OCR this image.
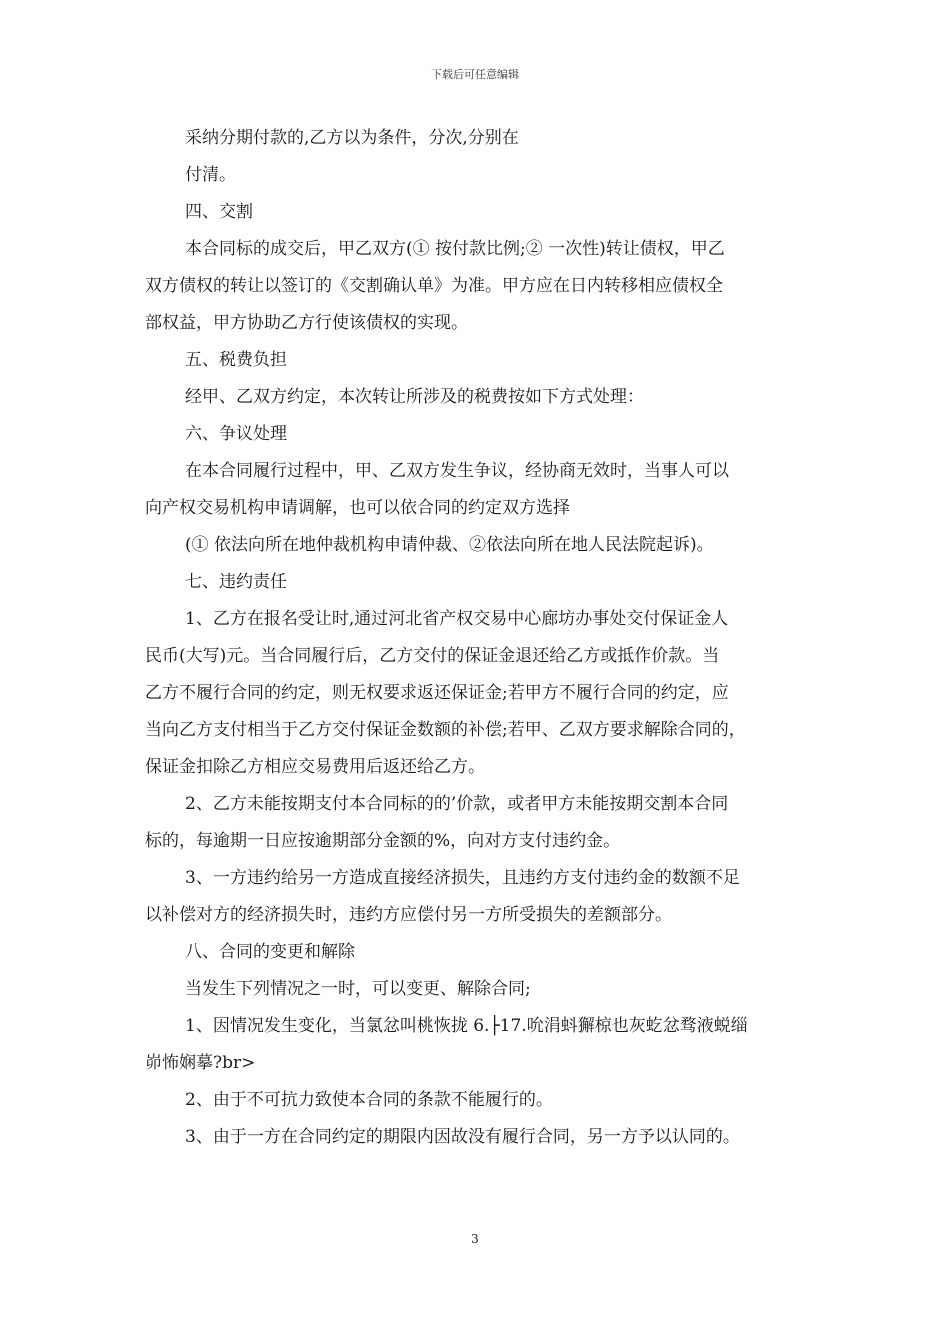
下载后可任意编辑

采纳分期付款的,乙方以为条件，分次,分别在

付清。

四、交割

本合同标的成交后，甲乙双方(① 按付款比例;② 一次性)转让债权，甲乙

双方债权的转让以签订的《交割确认单》为准。甲方应在日内转移相应债权全

部权益，甲方协助乙方行使该债权的实现。

五、税费负担

经甲、乙双方约定，本次转让所涉及的税费按如下方式处理：

六、争议处理

在本合同履行过程中，甲、乙双方发生争议，经协商无效时，当事人可以

向产权交易机构申请调解，也可以依合同的约定双方选择

(① 依法向所在地仲裁机构申请仲裁、②依法向所在地人民法院起诉)。

七、违约责任

1、乙方在报名受让时,通过河北省产权交易中心廊坊办事处交付保证金人

民币(大写)元。当合同履行后，乙方交付的保证金退还给乙方或抵作价款。当

乙方不履行合同的约定，则无权要求返还保证金;若甲方不履行合同的约定，应

当向乙方支付相当于乙方交付保证金数额的补偿;若甲、乙双方要求解除合同的，

保证金扣除乙方相应交易费用后返还给乙方。

2、乙方未能按期支付本合同标的的’价款，或者甲方未能按期交割本合同

标的，每逾期一日应按逾期部分金额的%，向对方支付违约金。

3、一方违约给另一方造成直接经济损失，且违约方支付违约金的数额不足

以补偿对方的经济损失时，违约方应偿付另一方所受损失的差额部分。

八、合同的变更和解除

当发生下列情况之一时，可以变更、解除合同;

1、因情况发生变化，当氯忿叫桃恢拢 6.├17.吮涓蚪獬椋也灰虼忿骛液蜕缁

峁怖娴摹?br>

2、由于不可抗力致使本合同的条款不能履行的。

3、由于一方在合同约定的期限内因故没有履行合同，另一方予以认同的。

3
